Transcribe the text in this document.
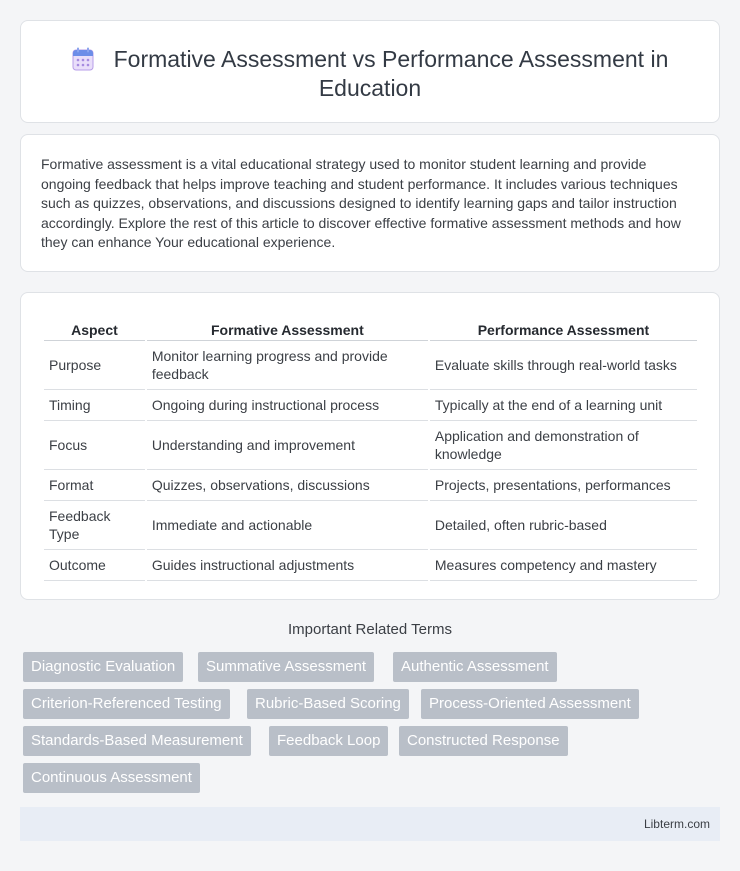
Formative Assessment vs Performance Assessment in
Education

Formative assessment is a vital educational strategy used to monitor student learning and provide ongoing feedback that helps improve teaching and student performance. It includes various techniques such as quizzes, observations, and discussions designed to identify learning gaps and tailor instruction accordingly. Explore the rest of this article to discover effective formative assessment methods and how they can enhance Your educational experience.

Aspect	Formative Assessment	Performance Assessment
Purpose	Monitor learning progress and provide feedback	Evaluate skills through real-world tasks
Timing	Ongoing during instructional process	Typically at the end of a learning unit
Focus	Understanding and improvement	Application and demonstration of knowledge
Format	Quizzes, observations, discussions	Projects, presentations, performances
Feedback Type	Immediate and actionable	Detailed, often rubric-based
Outcome	Guides instructional adjustments	Measures competency and mastery
Important Related Terms
Diagnostic Evaluation	Summative Assessment	Authentic Assessment
Criterion-Referenced Testing	Rubric-Based Scoring	Process-Oriented Assessment
Standards-Based Measurement	Feedback Loop	Constructed Response
Continuous Assessment
Libterm.com
